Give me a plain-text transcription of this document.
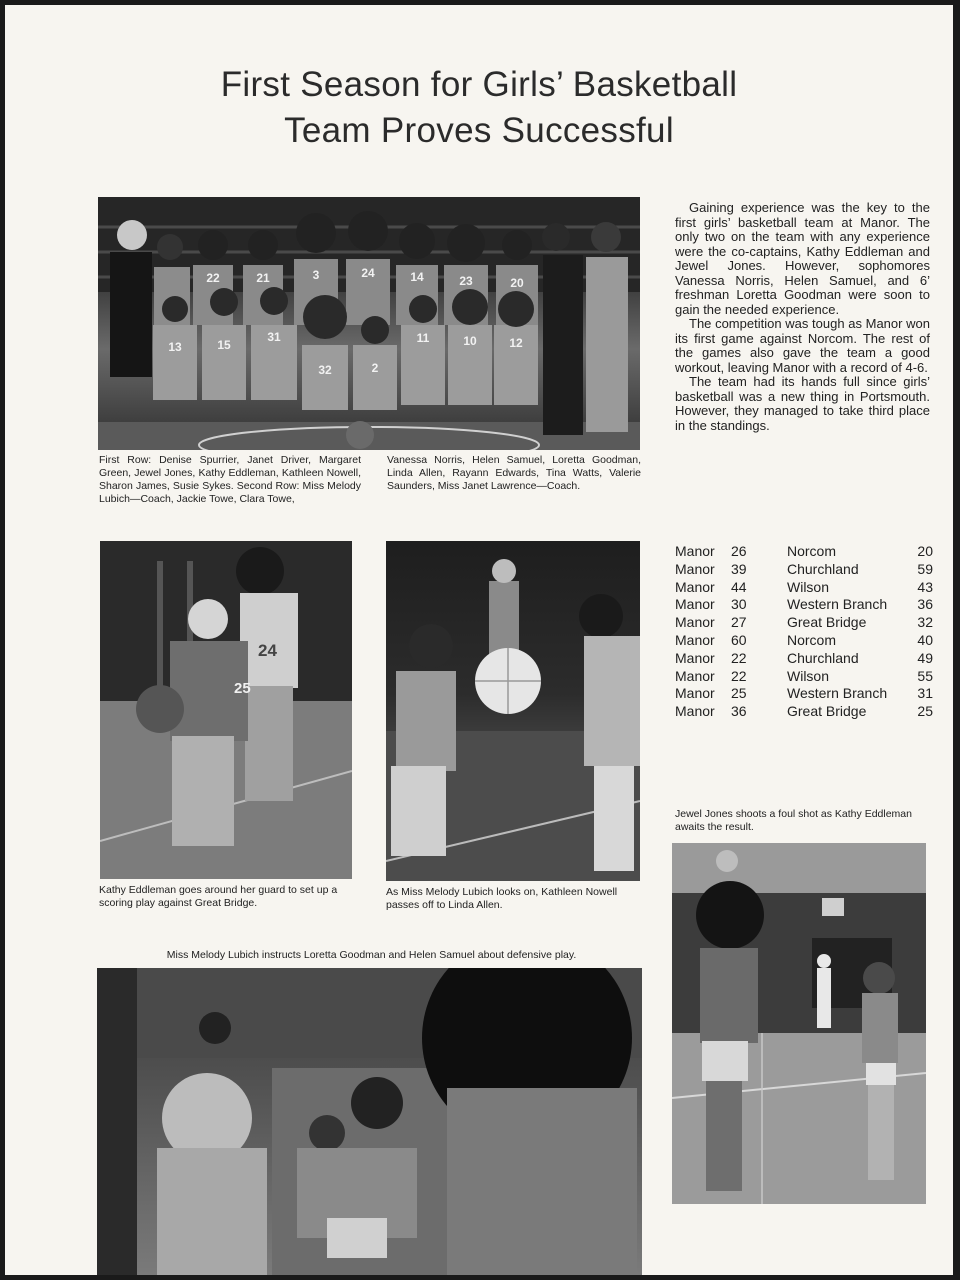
First Season for Girls’ Basketball
Team Proves Successful
22	21	3	24	14	23	20
13	15
31
32	2
11	10	12
First Row: Denise Spurrier, Janet Driver, Margaret Green, Jewel Jones, Kathy Eddleman, Kathleen Nowell, Sharon James, Susie Sykes. Second Row: Miss Melody Lubich—Coach, Jackie Towe, Clara Towe,
Vanessa Norris, Helen Samuel, Loretta Goodman, Linda Allen, Rayann Edwards, Tina Watts, Valerie Saunders, Miss Janet Lawrence—Coach.

Gaining experience was the key to the first girls’ basketball team at Manor. The only two on the team with any experience were the co-captains, Kathy Eddleman and Jewel Jones. However, sophomores Vanessa Norris, Helen Samuel, and 6’ freshman Loretta Goodman were soon to gain the needed experience.

The competition was tough as Manor won its first game against Norcom. The rest of the games also gave the team a good workout, leaving Manor with a record of 4-6.

The team had its hands full since girls’ basketball was a new thing in Portsmouth. However, they managed to take third place in the standings.

Manor	26	Norcom	20
Manor	39	Churchland	59
Manor	44	Wilson	43
Manor	30	Western Branch	36
Manor	27	Great Bridge	32
Manor	60	Norcom	40
Manor	22	Churchland	49
Manor	22	Wilson	55
Manor	25	Western Branch	31
Manor	36	Great Bridge	25
25
24
Kathy Eddleman goes around her guard to set up a scoring play against Great Bridge.
As Miss Melody Lubich looks on, Kathleen Nowell passes off to Linda Allen.
Jewel Jones shoots a foul shot as Kathy Eddleman awaits the result.
Miss Melody Lubich instructs Loretta Goodman and Helen Samuel about defensive play.
